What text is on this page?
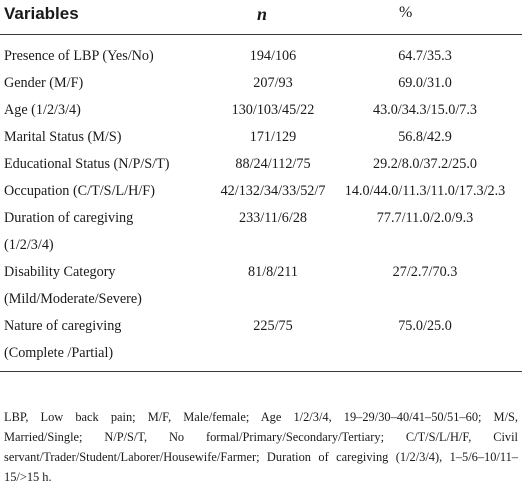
Variables	n	%
Presence of LBP (Yes/No)	194/106	64.7/35.3
Gender (M/F)	207/93	69.0/31.0
Age (1/2/3/4)	130/103/45/22	43.0/34.3/15.0/7.3
Marital Status (M/S)	171/129	56.8/42.9
Educational Status (N/P/S/T)	88/24/112/75	29.2/8.0/37.2/25.0
Occupation (C/T/S/L/H/F)	42/132/34/33/52/7	14.0/44.0/11.3/11.0/17.3/2.3
Duration of caregiving
(1/2/3/4)
233/11/6/28	77.7/11.0/2.0/9.3
Disability Category
(Mild/Moderate/Severe)
81/8/211	27/2.7/70.3
Nature of caregiving
(Complete /Partial)
225/75	75.0/25.0
LBP, Low back pain; M/F, Male/female; Age 1/2/3/4, 19–29/30–40/41–50/51–60; M/S, Married/Single; N/P/S/T, No formal/Primary/Secondary/Tertiary; C/T/S/L/H/F, Civil servant/Trader/Student/Laborer/Housewife/Farmer; Duration of caregiving (1/2/3/4), 1–5/6–10/11–15/>15 h.
